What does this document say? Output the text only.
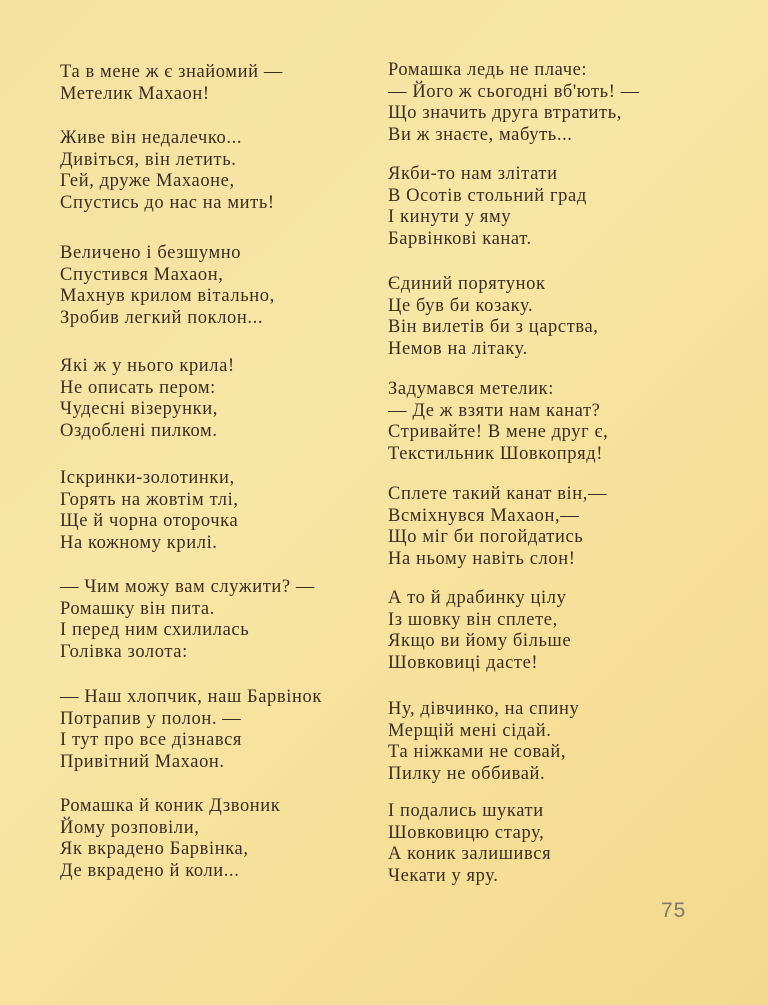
Та в мене ж є знайомий —
Метелик Махаон!
Живе він недалечко...
Дивіться, він летить.
Гей, друже Махаоне,
Спустись до нас на мить!
Величено і безшумно
Спустився Махаон,
Махнув крилом вітально,
Зробив легкий поклон...
Які ж у нього крила!
Не описать пером:
Чудесні візерунки,
Оздоблені пилком.
Іскринки-золотинки,
Горять на жовтім тлі,
Ще й чорна оторочка
На кожному крилі.
— Чим можу вам служити? —
Ромашку він пита.
І перед ним схилилась
Голівка золота:
— Наш хлопчик, наш Барвінок
Потрапив у полон. —
І тут про все дізнався
Привітний Махаон.
Ромашка й коник Дзвоник
Йому розповіли,
Як вкрадено Барвінка,
Де вкрадено й коли...
Ромашка ледь не плаче:
— Його ж сьогодні вб'ють! —
Що значить друга втратить,
Ви ж знаєте, мабуть...
Якби-то нам злітати
В Осотів стольний град
І кинути у яму
Барвінкові канат.
Єдиний порятунок
Це був би козаку.
Він вилетів би з царства,
Немов на літаку.
Задумався метелик:
— Де ж взяти нам канат?
Стривайте! В мене друг є,
Текстильник Шовкопряд!
Сплете такий канат він,—
Всміхнувся Махаон,—
Що міг би погойдатись
На ньому навіть слон!
А то й драбинку цілу
Із шовку він сплете,
Якщо ви йому більше
Шовковиці дасте!
Ну, дівчинко, на спину
Мерщій мені сідай.
Та ніжками не совай,
Пилку не оббивай.
І подались шукати
Шовковицю стару,
А коник залишився
Чекати у яру.
75
